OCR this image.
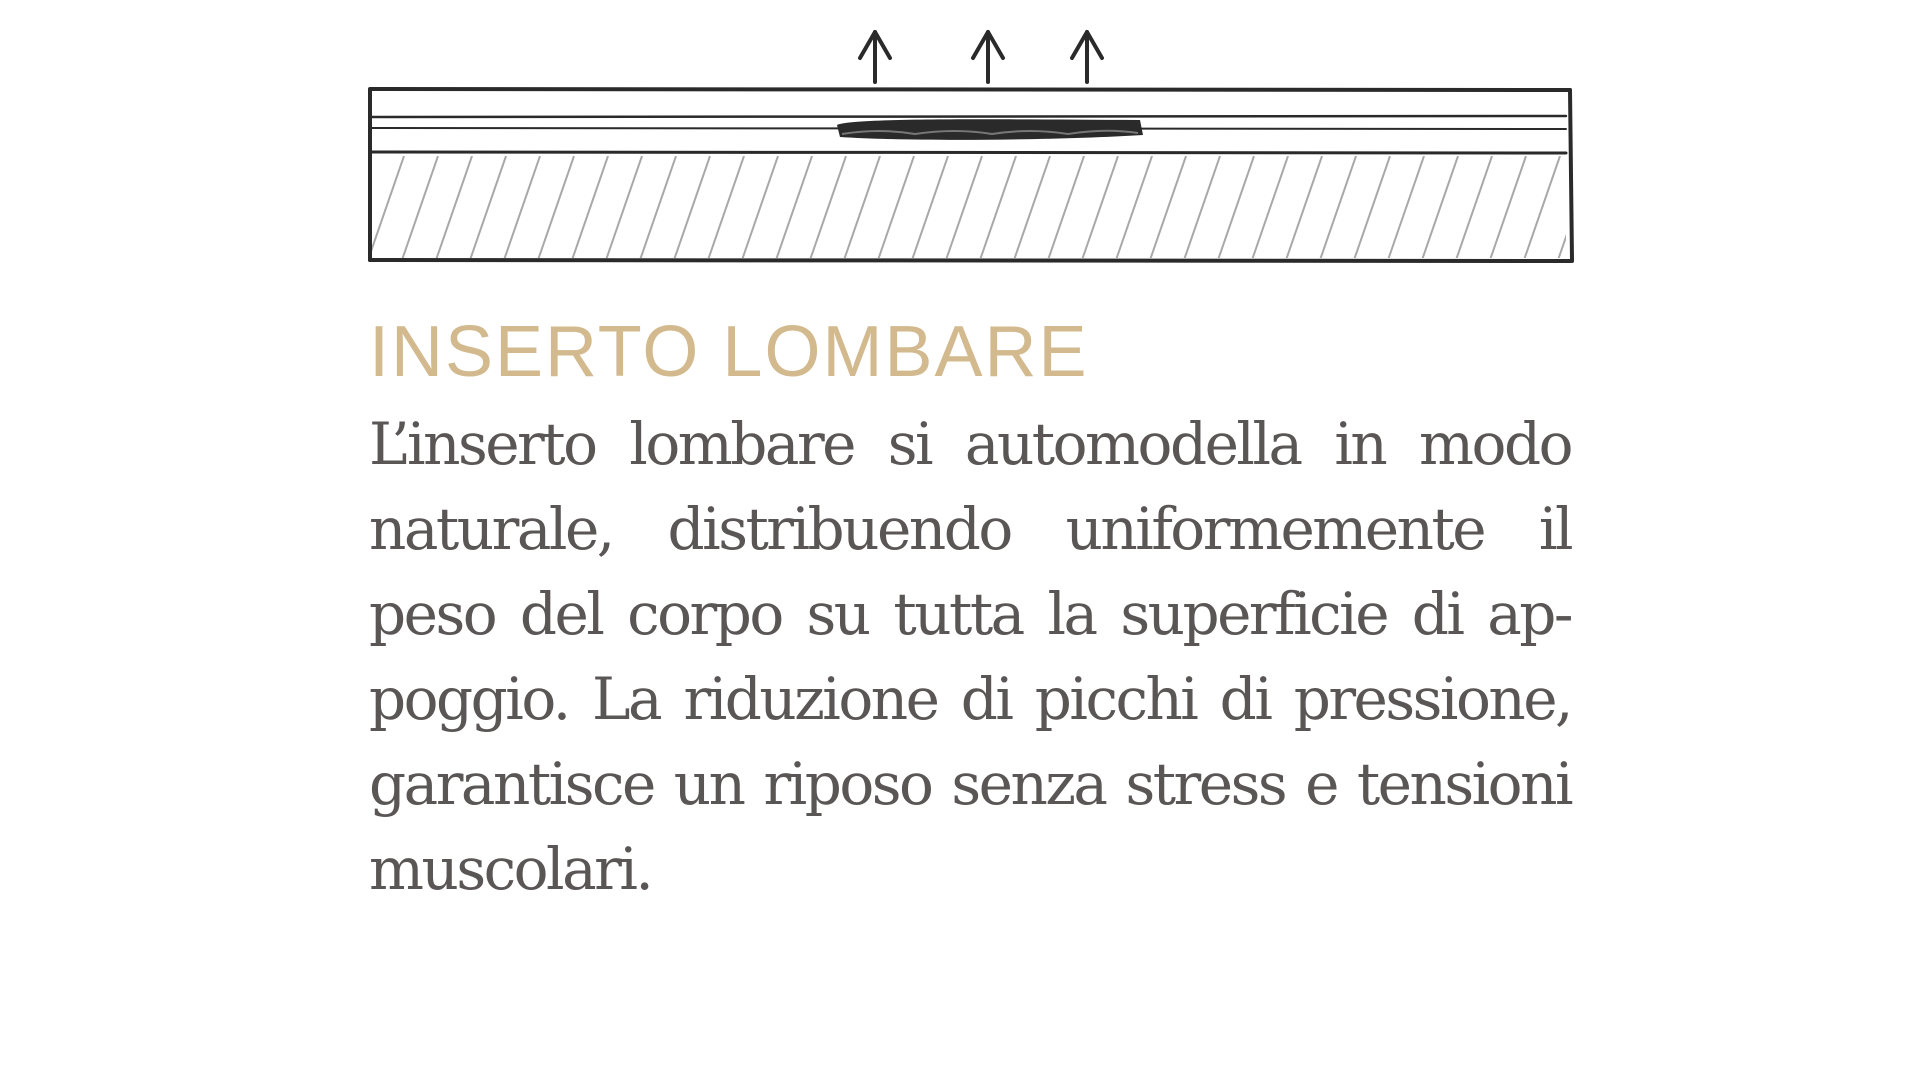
INSERTO LOMBARE

L’inserto lombare si automodella in modo naturale, distribuendo uniformemente il peso del corpo su tutta la superficie di ap- poggio. La riduzione di picchi di pressione, garantisce un riposo senza stress e tensioni muscolari.
